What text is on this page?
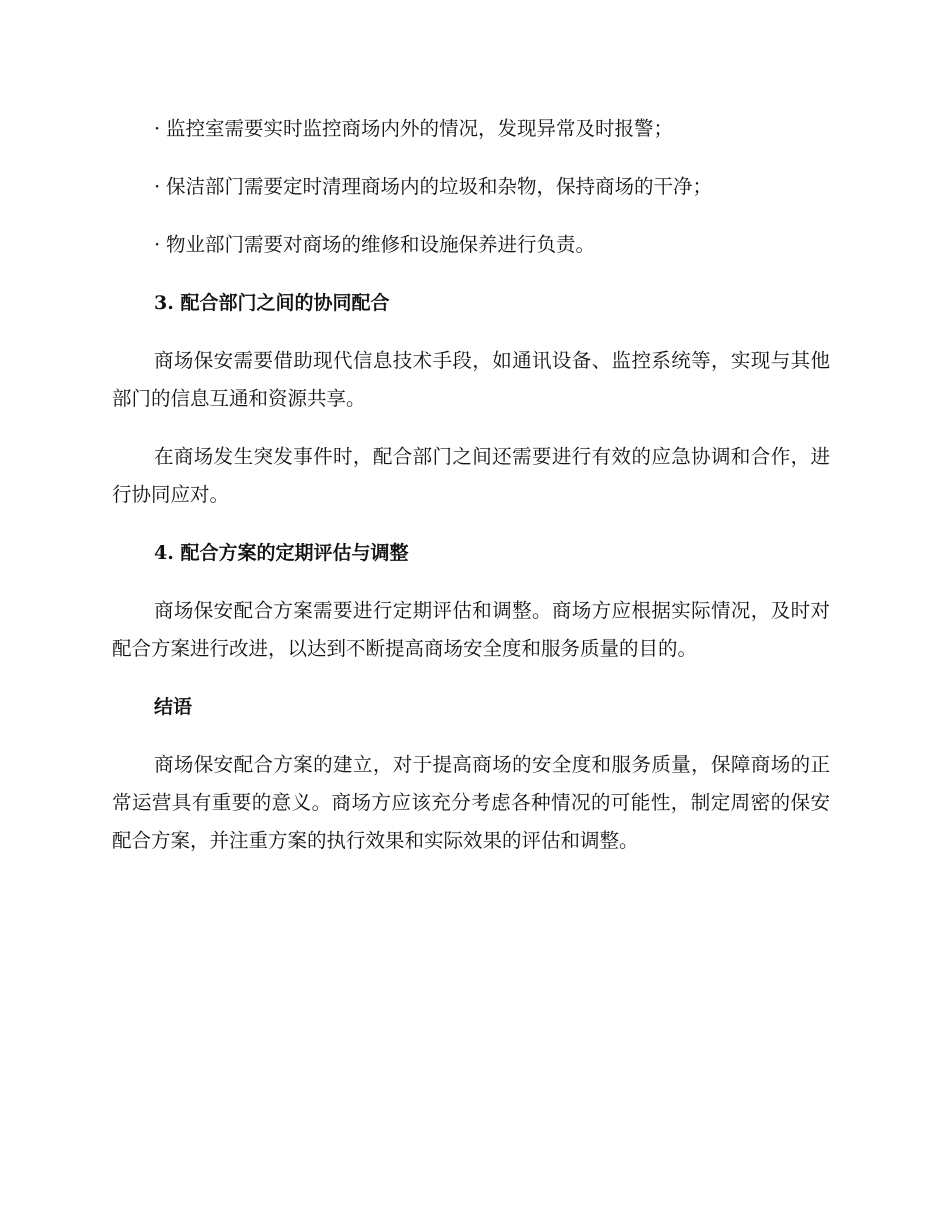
· 监控室需要实时监控商场内外的情况，发现异常及时报警；
· 保洁部门需要定时清理商场内的垃圾和杂物，保持商场的干净；
· 物业部门需要对商场的维修和设施保养进行负责。
3. 配合部门之间的协同配合

商场保安需要借助现代信息技术手段，如通讯设备、监控系统等，实现与其他部门的信息互通和资源共享。

在商场发生突发事件时，配合部门之间还需要进行有效的应急协调和合作，进行协同应对。

4. 配合方案的定期评估与调整

商场保安配合方案需要进行定期评估和调整。商场方应根据实际情况，及时对配合方案进行改进，以达到不断提高商场安全度和服务质量的目的。

结语

商场保安配合方案的建立，对于提高商场的安全度和服务质量，保障商场的正常运营具有重要的意义。商场方应该充分考虑各种情况的可能性，制定周密的保安配合方案，并注重方案的执行效果和实际效果的评估和调整。
